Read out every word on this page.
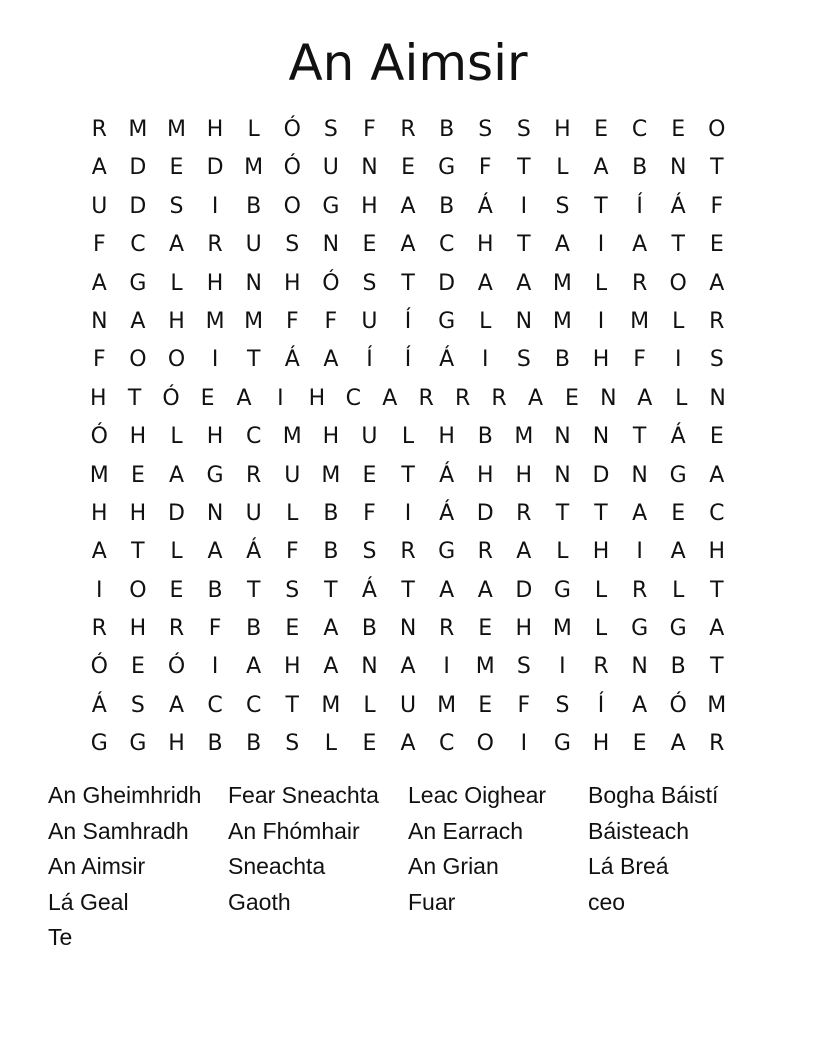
An Aimsir
R M M H	L	Ó	S	F	R	B	S	S	H	E	C	E	O
A	D	E	D M Ó U	N	E	G	F	T	L	A	B	N	T
U	D	S	I	B	O G H	A	B	Á	I	S	T	Í	Á	F
F	C	A	R	U	S	N	E	A	C	H	T	A	I	A	T	E
A	G	L	H	N	H Ó	S	T	D	A	A M	L	R	O	A
N	A	H M M	F	F	U	Í	G	L	N M	I	M	L	R
F	O O	I	T	Á	A	Í	Í	Á	I	S	B	H	F	I	S
H T Ó E A	I	H C A R R R A E N A	L	N
Ó H	L	H	C M H	U	L	H	B M N	N	T	Á	E
M	E	A	G	R	U M	E	T	Á	H	H	N D N G	A
H	H D N	U	L	B	F	I	Á	D	R	T	T	A	E	C
A	T	L	A	Á	F	B	S	R	G	R	A	L	H	I	A	H
I	O	E	B	T	S	T	Á	T	A	A	D G	L	R	L	T
R	H	R	F	B	E	A	B	N	R	E	H M	L	G G	A
Ó	E	Ó	I	A	H	A	N	A	I	M	S	I	R	N	B	T
Á	S	A	C	C	T	M	L	U M	E	F	S	Í	A	Ó M
G G H	B	B	S	L	E	A	C	O	I	G H	E	A	R
An Gheimhridh	Fear Sneachta	Leac Oighear	Bogha Báistí
An Samhradh	An Fhómhair	An Earrach	Báisteach
An Aimsir	Sneachta	An Grian	Lá Breá
Lá Geal	Gaoth	Fuar	ceo
Te
